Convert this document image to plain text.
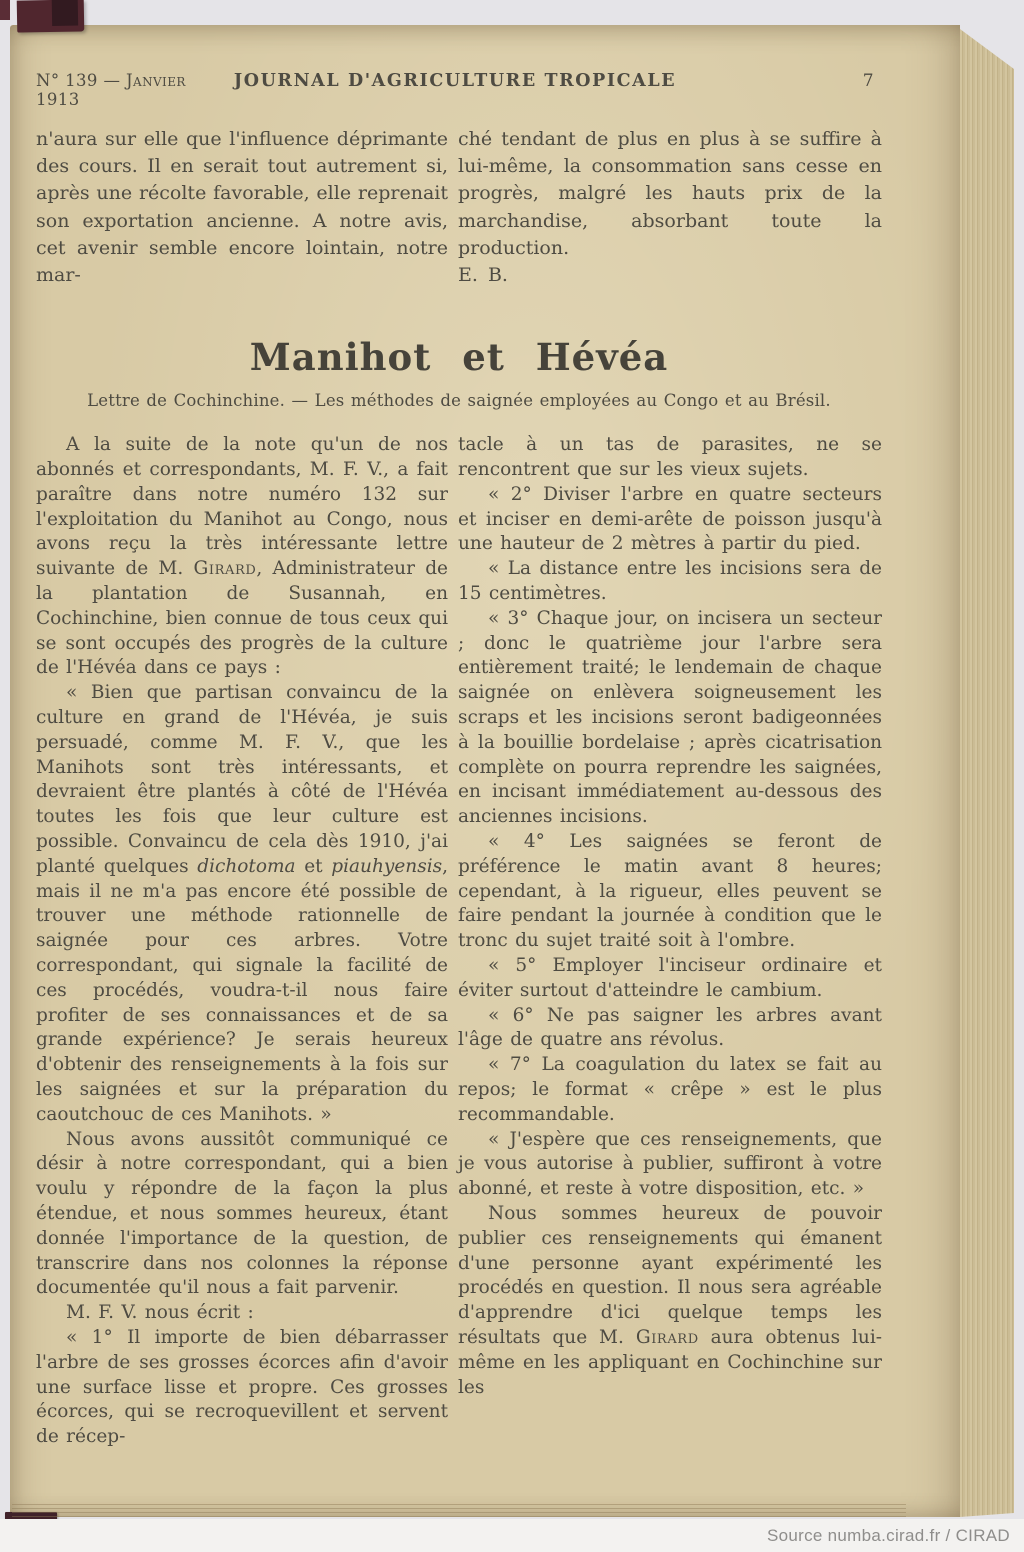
N° 139 — Janvier 1913
JOURNAL D'AGRICULTURE TROPICALE	7

n'aura sur elle que l'influence déprimante des cours. Il en serait tout autrement si, après une récolte favorable, elle reprenait son exportation ancienne. A notre avis, cet avenir semble encore lointain, notre mar-

ché tendant de plus en plus à se suffire à lui-même, la consommation sans cesse en progrès, malgré les hauts prix de la marchandise, absorbant toute la production.

E. B.

Manihot et Hévéa
Lettre de Cochinchine. — Les méthodes de saignée employées au Congo et au Brésil.

A la suite de la note qu'un de nos abonnés et correspondants, M. F. V., a fait paraître dans notre numéro 132 sur l'exploitation du Manihot au Congo, nous avons reçu la très intéressante lettre suivante de M. Girard, Administrateur de la plantation de Susannah, en Cochinchine, bien connue de tous ceux qui se sont occupés des progrès de la culture de l'Hévéa dans ce pays :

« Bien que partisan convaincu de la culture en grand de l'Hévéa, je suis persuadé, comme M. F. V., que les Manihots sont très intéressants, et devraient être plantés à côté de l'Hévéa toutes les fois que leur culture est possible. Convaincu de cela dès 1910, j'ai planté quelques dichotoma et piauhyensis, mais il ne m'a pas encore été possible de trouver une méthode rationnelle de saignée pour ces arbres. Votre correspondant, qui signale la facilité de ces procédés, voudra-t-il nous faire profiter de ses connaissances et de sa grande expérience? Je serais heureux d'obtenir des renseignements à la fois sur les saignées et sur la préparation du caoutchouc de ces Manihots. »

Nous avons aussitôt communiqué ce désir à notre correspondant, qui a bien voulu y répondre de la façon la plus étendue, et nous sommes heureux, étant donnée l'importance de la question, de transcrire dans nos colonnes la réponse documentée qu'il nous a fait parvenir.

M. F. V. nous écrit :

« 1° Il importe de bien débarrasser l'arbre de ses grosses écorces afin d'avoir une surface lisse et propre. Ces grosses écorces, qui se recroquevillent et servent de récep-

tacle à un tas de parasites, ne se rencontrent que sur les vieux sujets.

« 2° Diviser l'arbre en quatre secteurs et inciser en demi-arête de poisson jusqu'à une hauteur de 2 mètres à partir du pied.

« La distance entre les incisions sera de 15 centimètres.

« 3° Chaque jour, on incisera un secteur ; donc le quatrième jour l'arbre sera entièrement traité; le lendemain de chaque saignée on enlèvera soigneusement les scraps et les incisions seront badigeonnées à la bouillie bordelaise ; après cicatrisation complète on pourra reprendre les saignées, en incisant immédiatement au-dessous des anciennes incisions.

« 4° Les saignées se feront de préférence le matin avant 8 heures; cependant, à la rigueur, elles peuvent se faire pendant la journée à condition que le tronc du sujet traité soit à l'ombre.

« 5° Employer l'inciseur ordinaire et éviter surtout d'atteindre le cambium.

« 6° Ne pas saigner les arbres avant l'âge de quatre ans révolus.

« 7° La coagulation du latex se fait au repos; le format « crêpe » est le plus recommandable.

« J'espère que ces renseignements, que je vous autorise à publier, suffiront à votre abonné, et reste à votre disposition, etc. »

Nous sommes heureux de pouvoir publier ces renseignements qui émanent d'une personne ayant expérimenté les procédés en question. Il nous sera agréable d'apprendre d'ici quelque temps les résultats que M. Girard aura obtenus lui-même en les appliquant en Cochinchine sur les

Source numba.cirad.fr / CIRAD
